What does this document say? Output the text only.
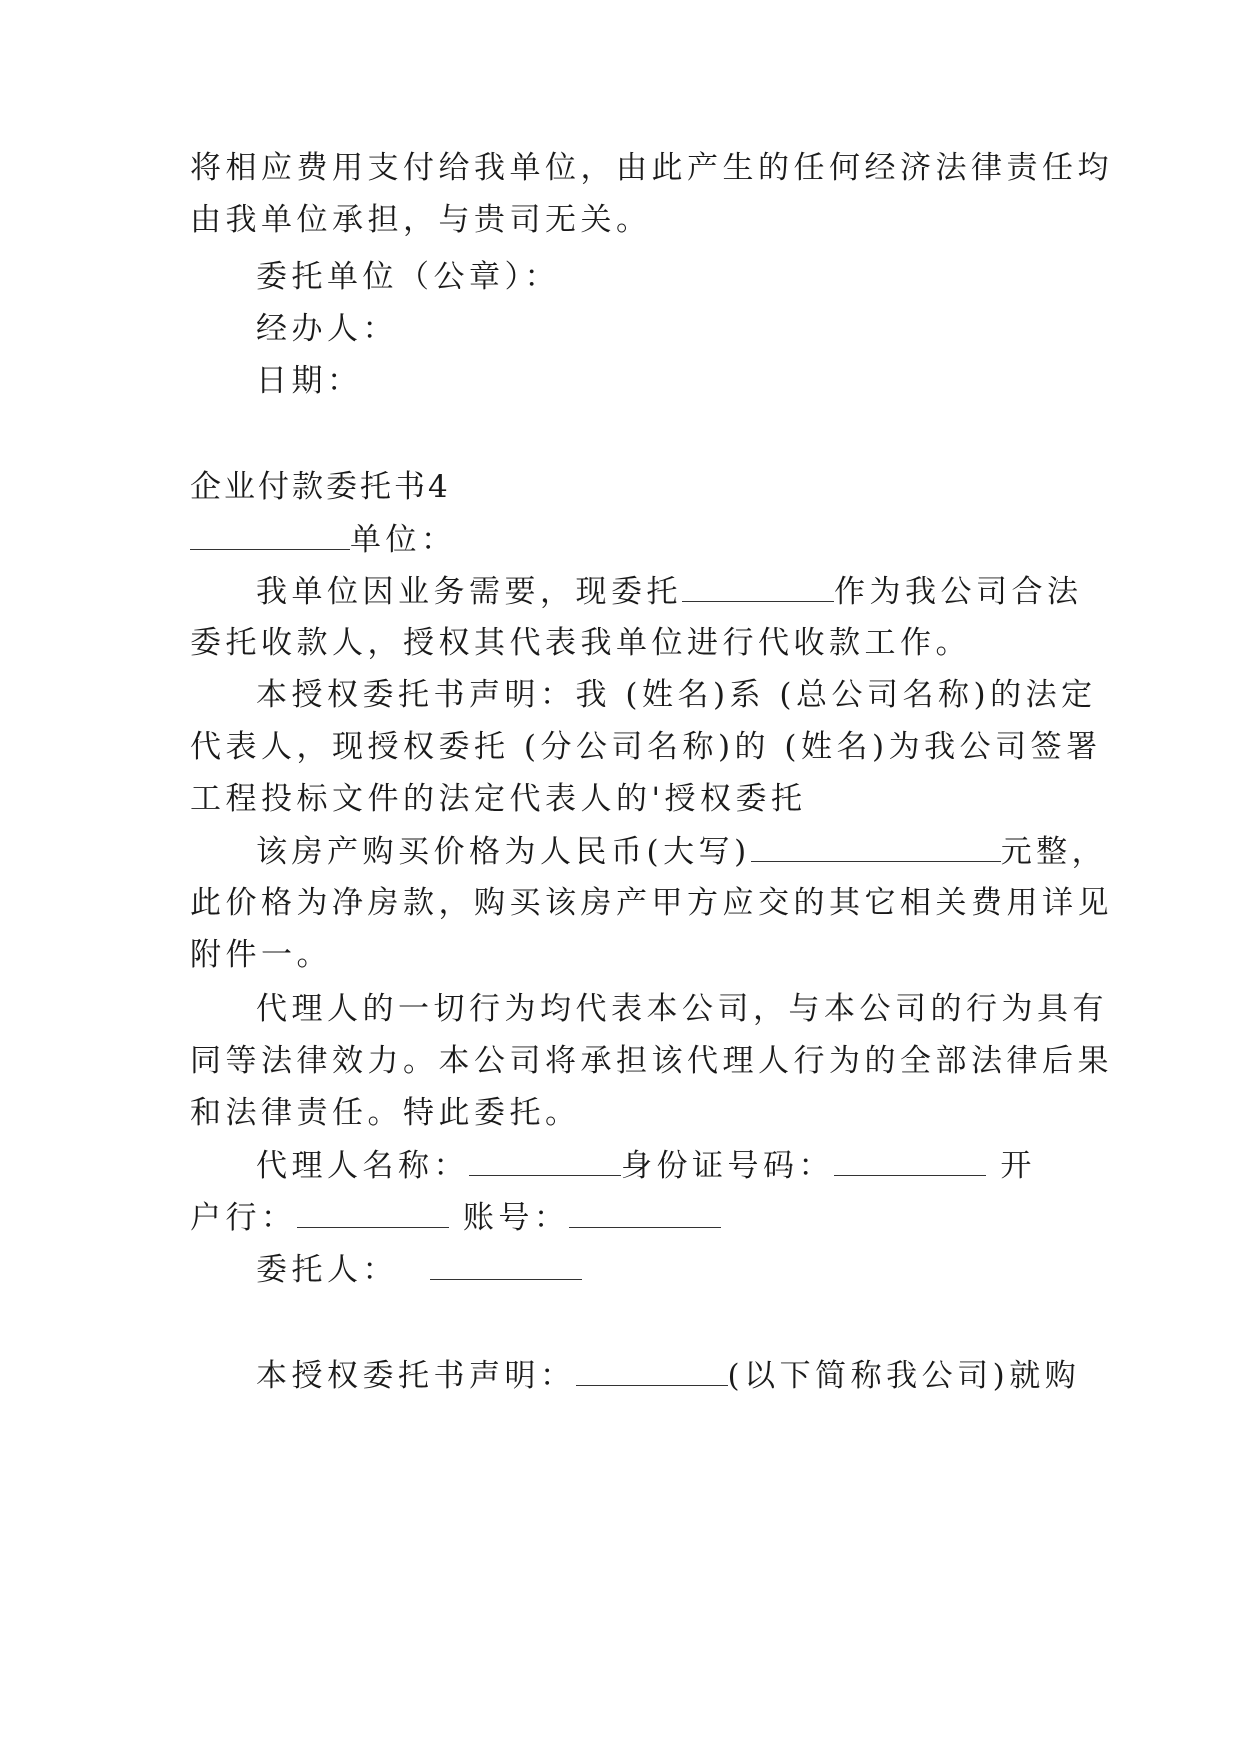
将相应费用支付给我单位，由此产生的任何经济法律责任均
由我单位承担，与贵司无关。
委托单位（公章）：
经办人：
日期：
企业付款委托书4
单位：
我单位因业务需要，现委托	作为我公司合法
委托收款人，授权其代表我单位进行代收款工作。
本授权委托书声明：我 (姓名)系 (总公司名称)的法定
代表人，现授权委托 (分公司名称)的 (姓名)为我公司签署
工程投标文件的法定代表人的'授权委托
该房产购买价格为人民币(大写)	元整，
此价格为净房款，购买该房产甲方应交的其它相关费用详见
附件一。
代理人的一切行为均代表本公司，与本公司的行为具有
同等法律效力。本公司将承担该代理人行为的全部法律后果
和法律责任。特此委托。
代理人名称：	身份证号码：	开
户行：	账号：
委托人：
本授权委托书声明：	(以下简称我公司)就购
